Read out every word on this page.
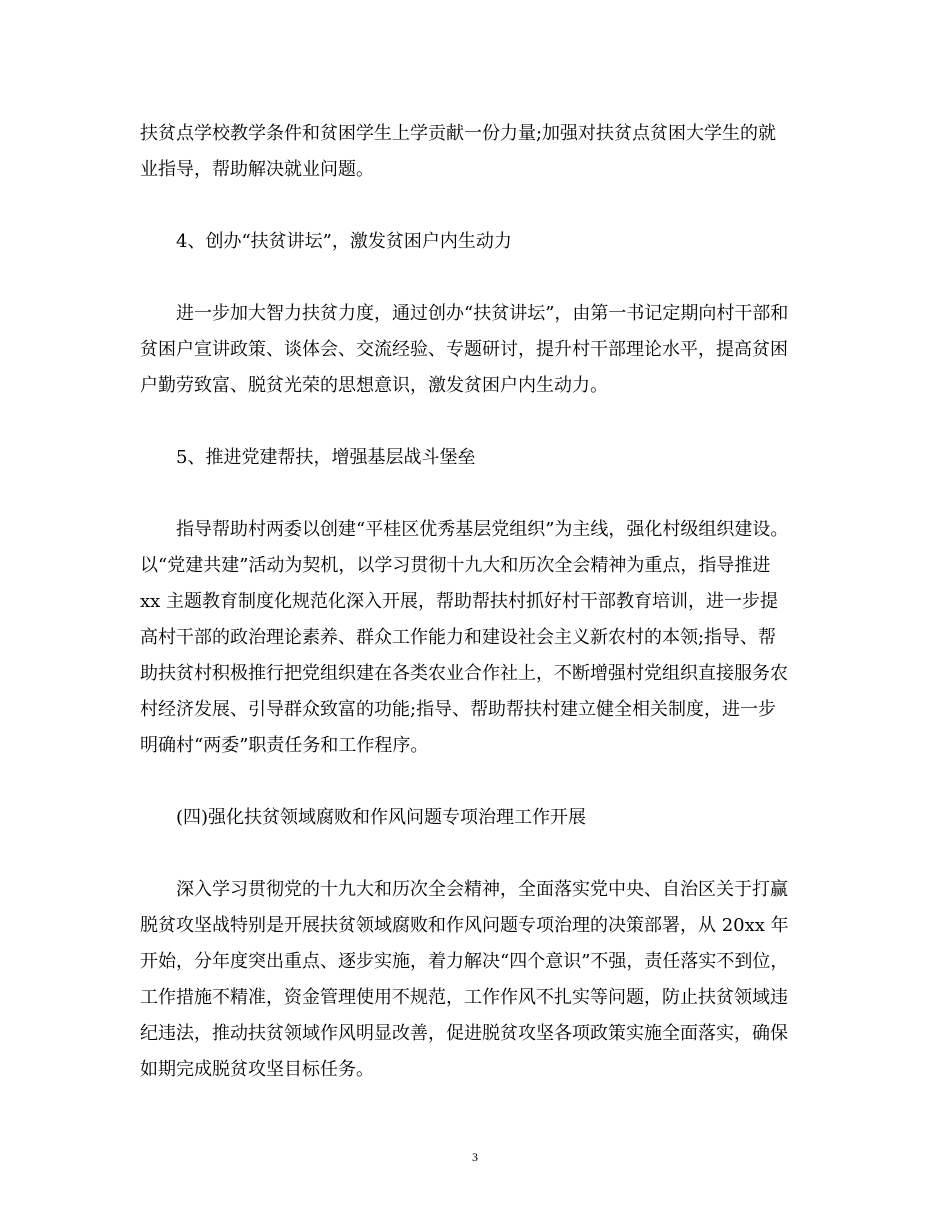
扶贫点学校教学条件和贫困学生上学贡献一份力量;加强对扶贫点贫困大学生的就
业指导，帮助解决就业问题。
4、创办“扶贫讲坛”，激发贫困户内生动力
进一步加大智力扶贫力度，通过创办“扶贫讲坛”，由第一书记定期向村干部和
贫困户宣讲政策、谈体会、交流经验、专题研讨，提升村干部理论水平，提高贫困
户勤劳致富、脱贫光荣的思想意识，激发贫困户内生动力。
5、推进党建帮扶，增强基层战斗堡垒
指导帮助村两委以创建“平桂区优秀基层党组织”为主线，强化村级组织建设。
以“党建共建”活动为契机，以学习贯彻十九大和历次全会精神为重点，指导推进
xx 主题教育制度化规范化深入开展，帮助帮扶村抓好村干部教育培训，进一步提
高村干部的政治理论素养、群众工作能力和建设社会主义新农村的本领;指导、帮
助扶贫村积极推行把党组织建在各类农业合作社上，不断增强村党组织直接服务农
村经济发展、引导群众致富的功能;指导、帮助帮扶村建立健全相关制度，进一步
明确村“两委”职责任务和工作程序。
(四)强化扶贫领域腐败和作风问题专项治理工作开展
深入学习贯彻党的十九大和历次全会精神，全面落实党中央、自治区关于打赢
脱贫攻坚战特别是开展扶贫领域腐败和作风问题专项治理的决策部署，从 20xx 年
开始，分年度突出重点、逐步实施，着力解决“四个意识”不强，责任落实不到位，
工作措施不精准，资金管理使用不规范，工作作风不扎实等问题，防止扶贫领域违
纪违法，推动扶贫领域作风明显改善，促进脱贫攻坚各项政策实施全面落实，确保
如期完成脱贫攻坚目标任务。
3
